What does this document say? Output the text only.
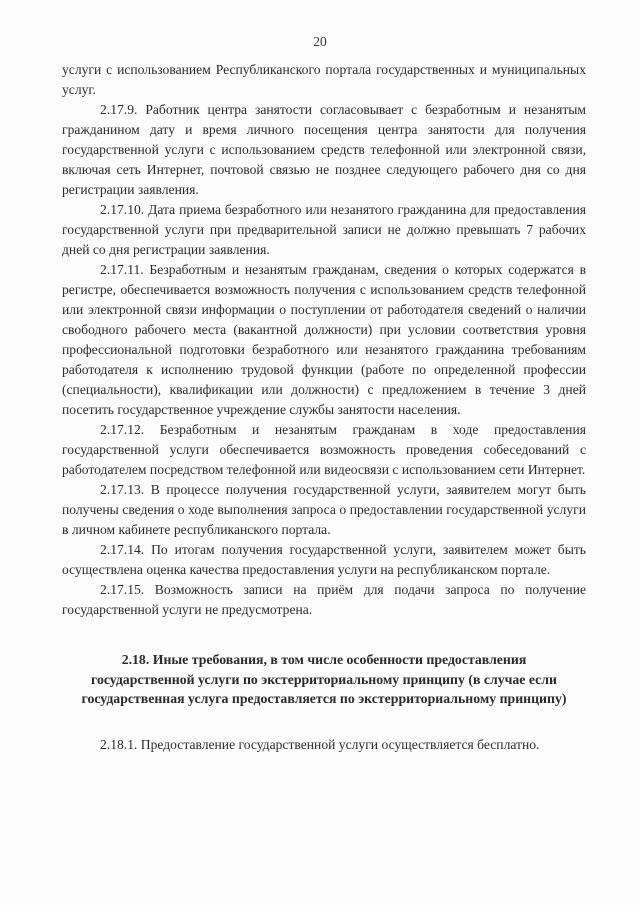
20

услуги с использованием Республиканского портала государственных и муниципальных услуг.

2.17.9. Работник центра занятости согласовывает с безработным и незанятым гражданином дату и время личного посещения центра занятости для получения государственной услуги с использованием средств телефонной или электронной связи, включая сеть Интернет, почтовой связью не позднее следующего рабочего дня со дня регистрации заявления.

2.17.10. Дата приема безработного или незанятого гражданина для предоставления государственной услуги при предварительной записи не должно превышать 7 рабочих дней со дня регистрации заявления.

2.17.11. Безработным и незанятым гражданам, сведения о которых содержатся в регистре, обеспечивается возможность получения с использованием средств телефонной или электронной связи информации о поступлении от работодателя сведений о наличии свободного рабочего места (вакантной должности) при условии соответствия уровня профессиональной подготовки безработного или незанятого гражданина требованиям работодателя к исполнению трудовой функции (работе по определенной профессии (специальности), квалификации или должности) с предложением в течение 3 дней посетить государственное учреждение службы занятости населения.

2.17.12. Безработным и незанятым гражданам в ходе предоставления государственной услуги обеспечивается возможность проведения собеседований с работодателем посредством телефонной или видеосвязи с использованием сети Интернет.

2.17.13. В процессе получения государственной услуги, заявителем могут быть получены сведения о ходе выполнения запроса о предоставлении государственной услуги в личном кабинете республиканского портала.

2.17.14. По итогам получения государственной услуги, заявителем может быть осуществлена оценка качества предоставления услуги на республиканском портале.

2.17.15. Возможность записи на приём для подачи запроса по получение государственной услуги не предусмотрена.

2.18. Иные требования, в том числе особенности предоставления государственной услуги по экстерриториальному принципу (в случае если государственная услуга предоставляется по экстерриториальному принципу)

2.18.1. Предоставление государственной услуги осуществляется бесплатно.
